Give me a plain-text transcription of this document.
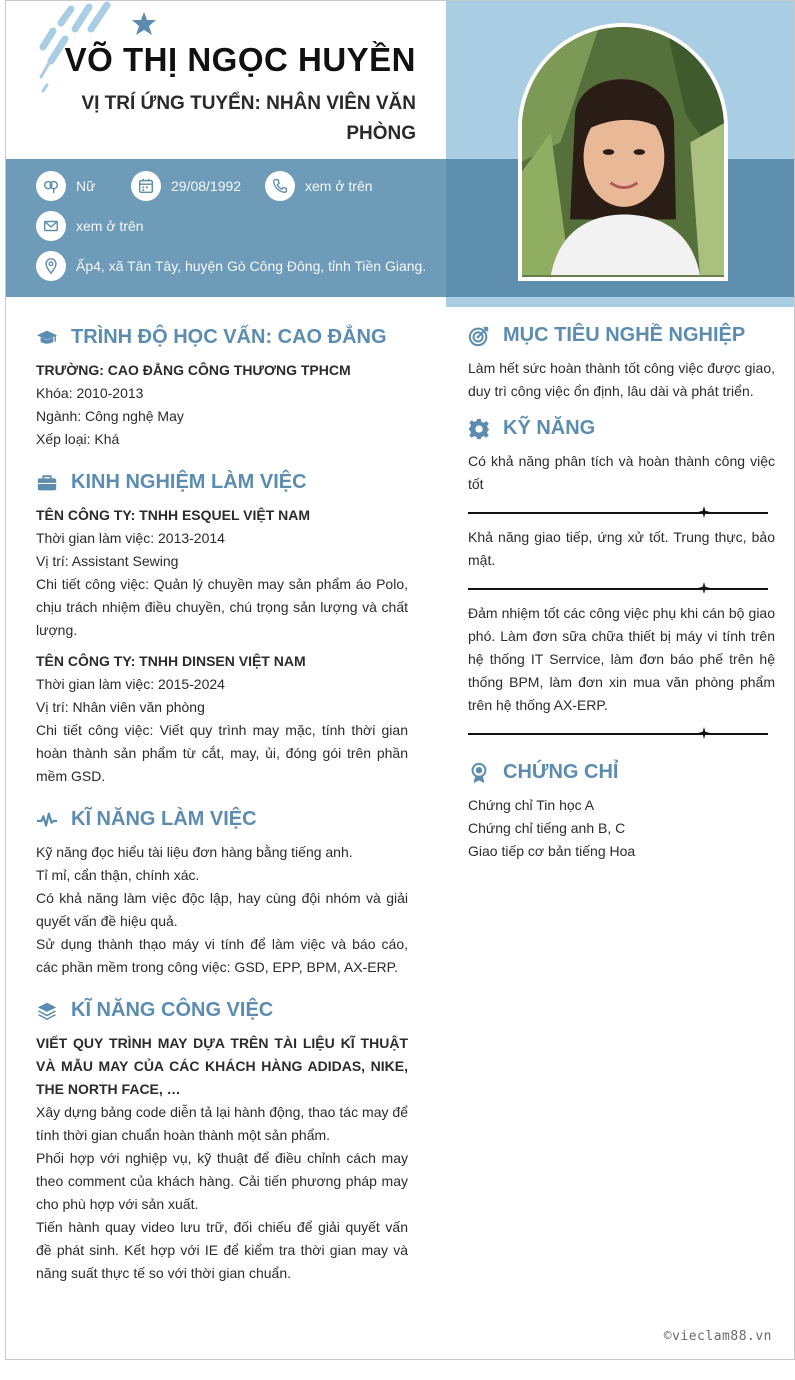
VÕ THỊ NGỌC HUYỀN
VỊ TRÍ ỨNG TUYỂN: NHÂN VIÊN VĂN PHÒNG
Nữ	29/08/1992	xem ở trên
xem ở trên
Ấp4, xã Tân Tây, huyện Gò Công Đông, tỉnh Tiền Giang.
TRÌNH ĐỘ HỌC VẤN: CAO ĐẲNG

TRƯỜNG: CAO ĐẲNG CÔNG THƯƠNG TPHCM

Khóa: 2010-2013

Ngành: Công nghệ May

Xếp loại: Khá

KINH NGHIỆM LÀM VIỆC

TÊN CÔNG TY: TNHH ESQUEL VIỆT NAM

Thời gian làm việc: 2013-2014

Vị trí: Assistant Sewing

Chi tiết công việc: Quản lý chuyền may sản phẩm áo Polo, chịu trách nhiệm điều chuyền, chú trọng sản lượng và chất lượng.

TÊN CÔNG TY: TNHH DINSEN VIỆT NAM

Thời gian làm việc: 2015-2024

Vị trí: Nhân viên văn phòng

Chi tiết công việc: Viết quy trình may mặc, tính thời gian hoàn thành sản phẩm từ cắt, may, ủi, đóng gói trên phần mềm GSD.

KĨ NĂNG LÀM VIỆC

Kỹ năng đọc hiểu tài liệu đơn hàng bằng tiếng anh.

Tỉ mỉ, cẩn thận, chính xác.

Có khả năng làm việc độc lập, hay cùng đội nhóm và giải quyết vấn đề hiệu quả.

Sử dụng thành thạo máy vi tính để làm việc và báo cáo, các phần mềm trong công việc: GSD, EPP, BPM, AX-ERP.

KĨ NĂNG CÔNG VIỆC

VIẾT QUY TRÌNH MAY DỰA TRÊN TÀI LIỆU KĨ THUẬT VÀ MẪU MAY CỦA CÁC KHÁCH HÀNG ADIDAS, NIKE, THE NORTH FACE, …

Xây dựng bảng code diễn tả lại hành động, thao tác may để tính thời gian chuẩn hoàn thành một sản phẩm.

Phối hợp với nghiệp vụ, kỹ thuật để điều chỉnh cách may theo comment của khách hàng. Cải tiến phương pháp may cho phù hợp với sản xuất.

Tiến hành quay video lưu trữ, đối chiếu để giải quyết vấn đề phát sinh. Kết hợp với IE để kiểm tra thời gian may và năng suất thực tế so với thời gian chuẩn.

MỤC TIÊU NGHỀ NGHIỆP

Làm hết sức hoàn thành tốt công việc được giao, duy trì công việc ổn định, lâu dài và phát triển.

KỸ NĂNG

Có khả năng phân tích và hoàn thành công việc tốt

Khả năng giao tiếp, ứng xử tốt. Trung thực, bảo mật.

Đảm nhiệm tốt các công việc phụ khi cán bộ giao phó. Làm đơn sữa chữa thiết bị máy vi tính trên hệ thống IT Serrvice, làm đơn báo phế trên hệ thống BPM, làm đơn xin mua văn phòng phẩm trên hệ thống AX-ERP.

CHỨNG CHỈ

Chứng chỉ Tin học A

Chứng chỉ tiếng anh B, C

Giao tiếp cơ bản tiếng Hoa

©vieclam88.vn
